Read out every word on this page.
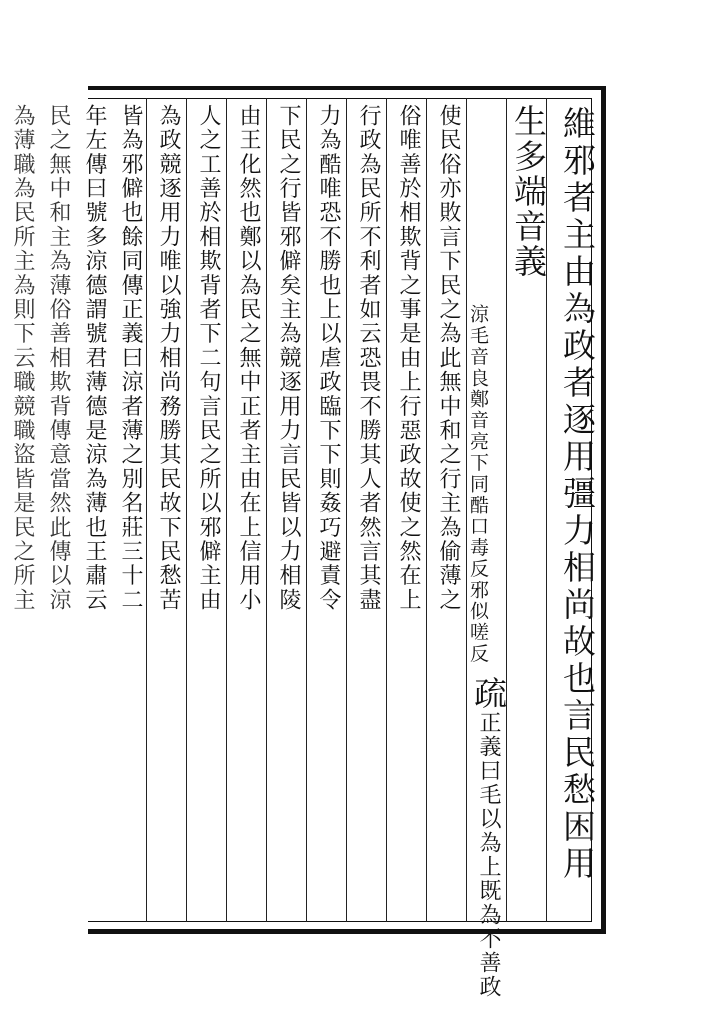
維邪者主由為政者逐用彊力相尚故也言民愁困用
生多端音義
涼毛音良鄭音亮下同酷口毒反邪似嗟反
疏正義曰毛以為上既為不善政
使民俗亦敗言下民之為此無中和之行主為偷薄之
俗唯善於相欺背之事是由上行惡政故使之然在上
行政為民所不利者如云恐畏不勝其人者然言其盡
力為酷唯恐不勝也上以虐政臨下下則姦巧避責令
下民之行皆邪僻矣主為競逐用力言民皆以力相陵
由王化然也鄭以為民之無中正者主由在上信用小
人之工善於相欺背者下二句言民之所以邪僻主由
為政競逐用力唯以強力相尚務勝其民故下民愁苦
皆為邪僻也餘同傳正義曰涼者薄之別名莊三十二
年左傳曰號多涼德謂號君薄德是涼為薄也王肅云
民之無中和主為薄俗善相欺背傳意當然此傳以涼
為薄職為民所主為則下云職競職盜皆是民之所主
